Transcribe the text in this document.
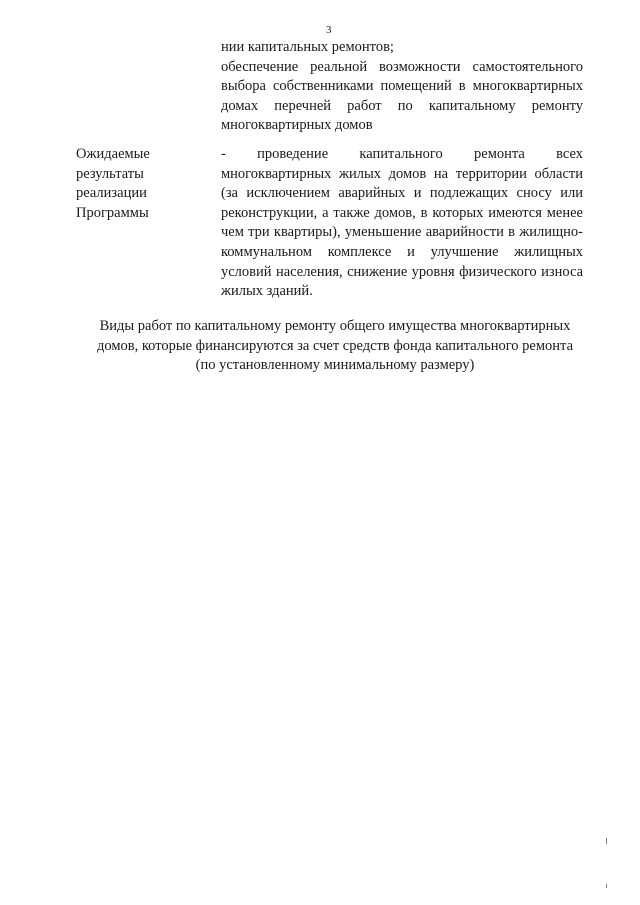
3

нии капитальных ремонтов;

обеспечение реальной возможности самостоятельного выбора собственниками помещений в многоквартирных домах перечней работ по капитальному ремонту многоквартирных домов

Ожидаемые
результаты
реализации
Программы

- проведение капитального ремонта всех многоквартирных жилых домов на территории области (за исключением аварийных и подлежащих сносу или реконструкции, а также домов, в которых имеются менее чем три квартиры), уменьшение аварийности в жилищно-коммунальном комплексе и улучшение жилищных условий населения, снижение уровня физического износа жилых зданий.

Виды работ по капитальному ремонту общего имущества многоквартирных
домов, которые финансируются за счет средств фонда капитального ремонта
(по установленному минимальному размеру)
